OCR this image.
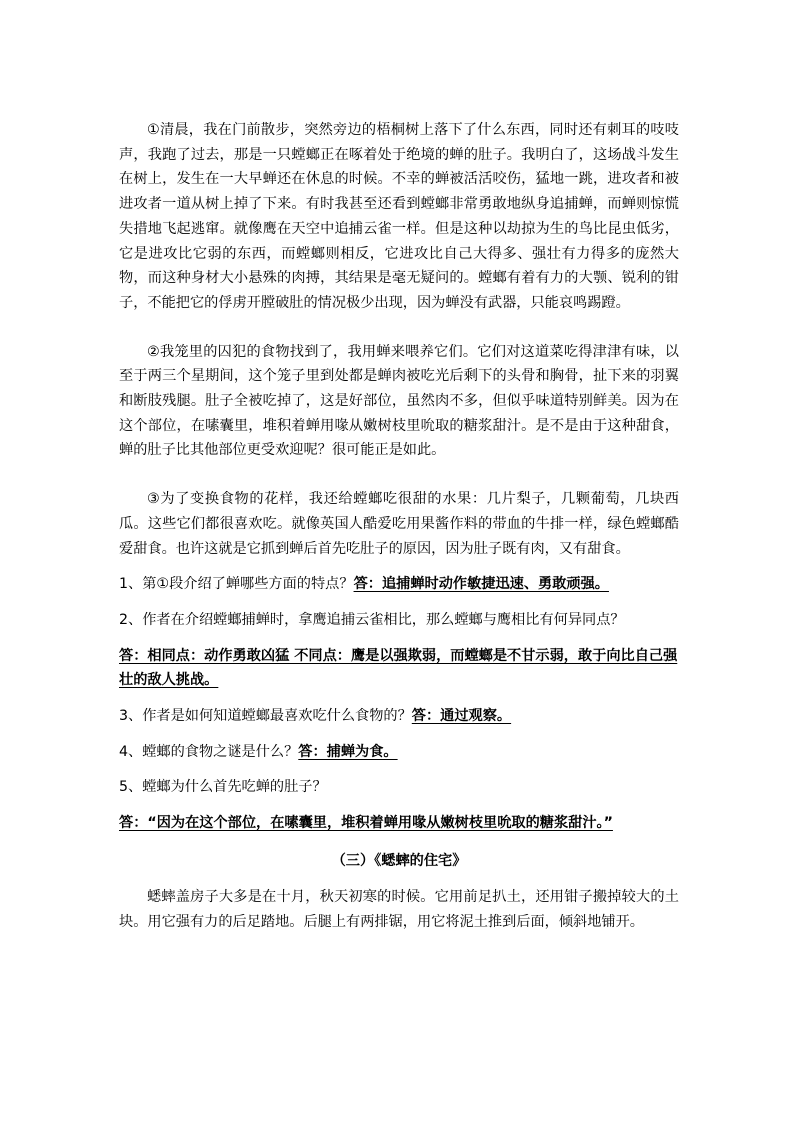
①清晨，我在门前散步，突然旁边的梧桐树上落下了什么东西，同时还有刺耳的吱吱声，我跑了过去，那是一只螳螂正在啄着处于绝境的蝉的肚子。我明白了，这场战斗发生在树上，发生在一大早蝉还在休息的时候。不幸的蝉被活活咬伤，猛地一跳，进攻者和被进攻者一道从树上掉了下来。有时我甚至还看到螳螂非常勇敢地纵身追捕蝉，而蝉则惊慌失措地飞起逃窜。就像鹰在天空中追捕云雀一样。但是这种以劫掠为生的鸟比昆虫低劣，它是进攻比它弱的东西，而螳螂则相反，它进攻比自己大得多、强壮有力得多的庞然大物，而这种身材大小悬殊的肉搏，其结果是毫无疑问的。螳螂有着有力的大颚、锐利的钳子，不能把它的俘虏开膛破肚的情况极少出现，因为蝉没有武器，只能哀鸣踢蹬。

②我笼里的囚犯的食物找到了，我用蝉来喂养它们。它们对这道菜吃得津津有味，以至于两三个星期间，这个笼子里到处都是蝉肉被吃光后剩下的头骨和胸骨，扯下来的羽翼和断肢残腿。肚子全被吃掉了，这是好部位，虽然肉不多，但似乎味道特别鲜美。因为在这个部位，在嗉囊里，堆积着蝉用喙从嫩树枝里吮取的糖浆甜汁。是不是由于这种甜食，蝉的肚子比其他部位更受欢迎呢？很可能正是如此。

③为了变换食物的花样，我还给螳螂吃很甜的水果：几片梨子，几颗葡萄，几块西瓜。这些它们都很喜欢吃。就像英国人酷爱吃用果酱作料的带血的牛排一样，绿色螳螂酷爱甜食。也许这就是它抓到蝉后首先吃肚子的原因，因为肚子既有肉，又有甜食。

1、第①段介绍了蝉哪些方面的特点？答：追捕蝉时动作敏捷迅速、勇敢顽强。

2、作者在介绍螳螂捕蝉时，拿鹰追捕云雀相比，那么螳螂与鹰相比有何异同点？

答：相同点：动作勇敢凶猛 不同点：鹰是以强欺弱，而螳螂是不甘示弱，敢于向比自己强壮的敌人挑战。

3、作者是如何知道螳螂最喜欢吃什么食物的？答：通过观察。

4、螳螂的食物之谜是什么？答：捕蝉为食。

5、螳螂为什么首先吃蝉的肚子？

答：“因为在这个部位，在嗉囊里，堆积着蝉用喙从嫩树枝里吮取的糖浆甜汁。”

（三）《蟋蟀的住宅》

蟋蟀盖房子大多是在十月，秋天初寒的时候。它用前足扒土，还用钳子搬掉较大的土块。用它强有力的后足踏地。后腿上有两排锯，用它将泥土推到后面，倾斜地铺开。
